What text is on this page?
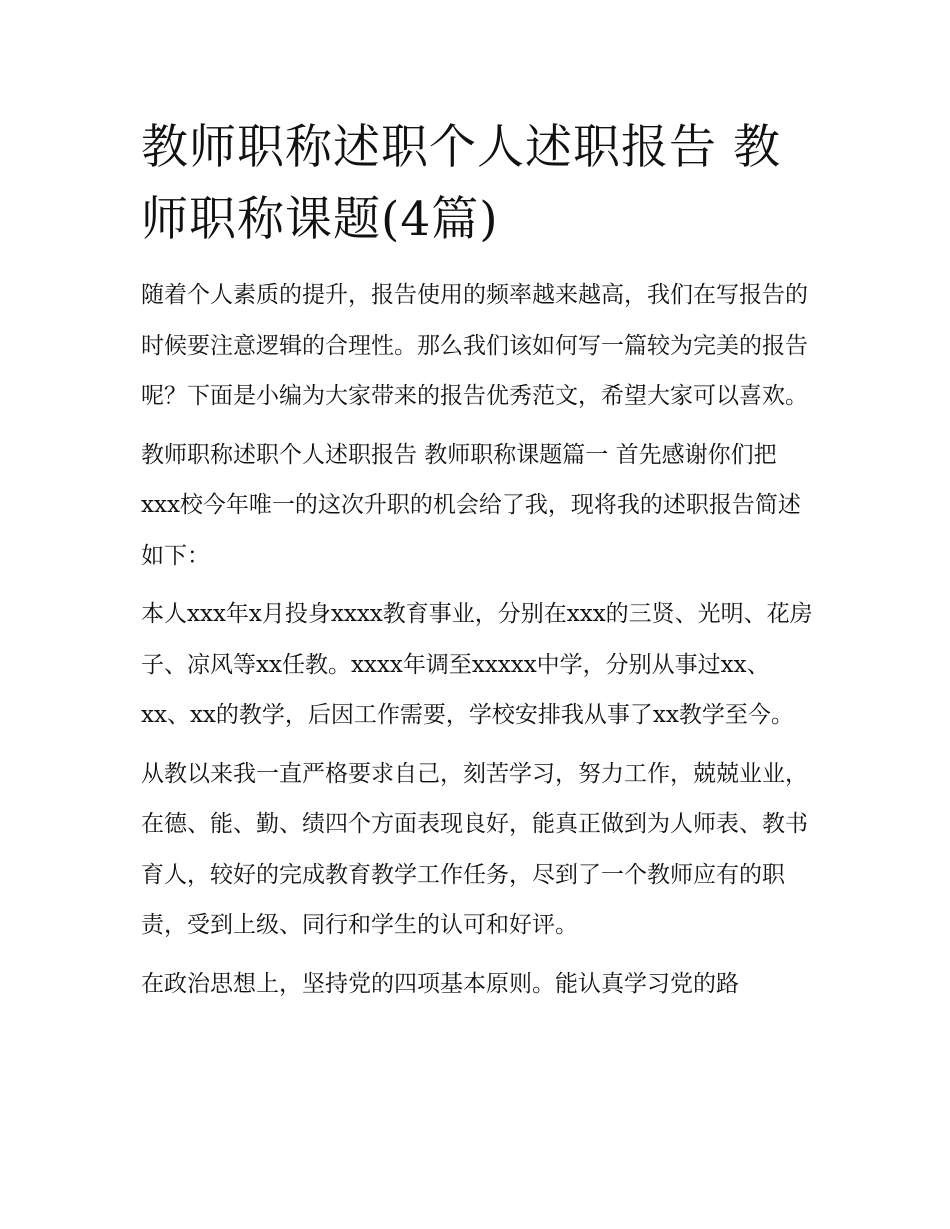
教师职称述职个人述职报告 教师职称课题(4篇)

随着个人素质的提升，报告使用的频率越来越高，我们在写报告的时候要注意逻辑的合理性。那么我们该如何写一篇较为完美的报告呢？下面是小编为大家带来的报告优秀范文，希望大家可以喜欢。

教师职称述职个人述职报告 教师职称课题篇一 首先感谢你们把xxx校今年唯一的这次升职的机会给了我，现将我的述职报告简述如下：

本人xxx年x月投身xxxx教育事业，分别在xxx的三贤、光明、花房子、凉风等xx任教。xxxx年调至xxxxx中学，分别从事过xx、xx、xx的教学，后因工作需要，学校安排我从事了xx教学至今。

从教以来我一直严格要求自己，刻苦学习，努力工作，兢兢业业，在德、能、勤、绩四个方面表现良好，能真正做到为人师表、教书育人，较好的完成教育教学工作任务，尽到了一个教师应有的职责，受到上级、同行和学生的认可和好评。

在政治思想上，坚持党的四项基本原则。能认真学习党的路
